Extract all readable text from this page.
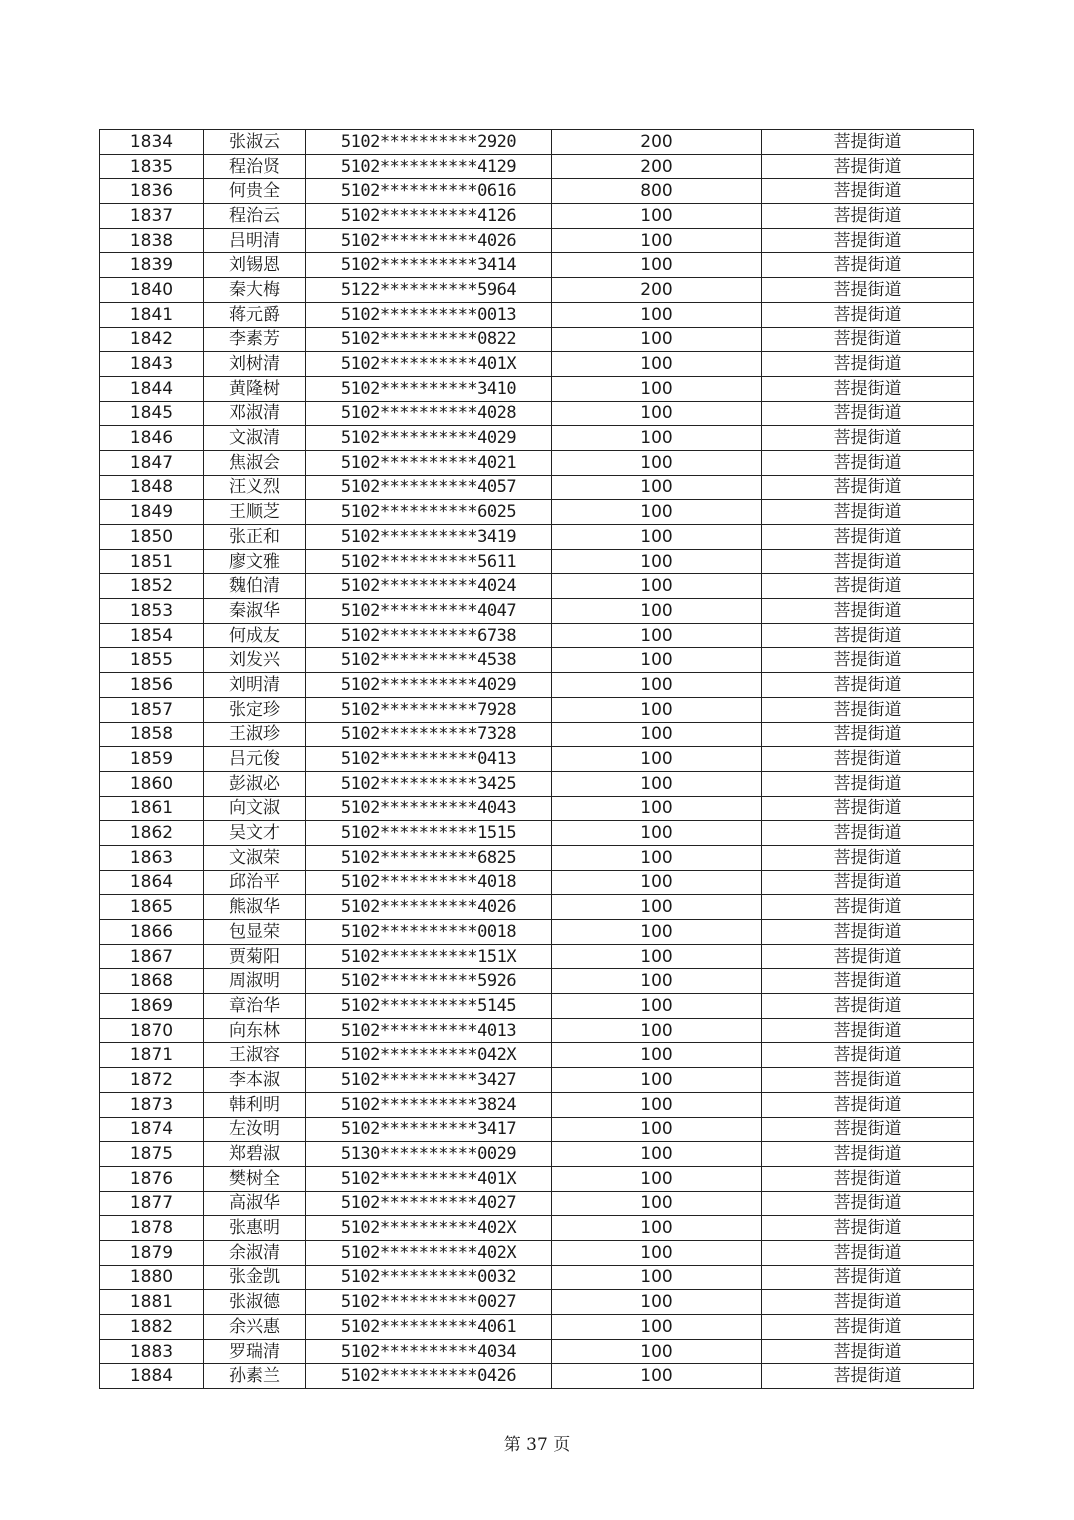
1834	张淑云	5102**********2920	200	菩提街道
1835	程治贤	5102**********4129	200	菩提街道
1836	何贵全	5102**********0616	800	菩提街道
1837	程治云	5102**********4126	100	菩提街道
1838	吕明清	5102**********4026	100	菩提街道
1839	刘锡恩	5102**********3414	100	菩提街道
1840	秦大梅	5122**********5964	200	菩提街道
1841	蒋元爵	5102**********0013	100	菩提街道
1842	李素芳	5102**********0822	100	菩提街道
1843	刘树清	5102**********401X	100	菩提街道
1844	黄隆树	5102**********3410	100	菩提街道
1845	邓淑清	5102**********4028	100	菩提街道
1846	文淑清	5102**********4029	100	菩提街道
1847	焦淑会	5102**********4021	100	菩提街道
1848	汪义烈	5102**********4057	100	菩提街道
1849	王顺芝	5102**********6025	100	菩提街道
1850	张正和	5102**********3419	100	菩提街道
1851	廖文雅	5102**********5611	100	菩提街道
1852	魏伯清	5102**********4024	100	菩提街道
1853	秦淑华	5102**********4047	100	菩提街道
1854	何成友	5102**********6738	100	菩提街道
1855	刘发兴	5102**********4538	100	菩提街道
1856	刘明清	5102**********4029	100	菩提街道
1857	张定珍	5102**********7928	100	菩提街道
1858	王淑珍	5102**********7328	100	菩提街道
1859	吕元俊	5102**********0413	100	菩提街道
1860	彭淑必	5102**********3425	100	菩提街道
1861	向文淑	5102**********4043	100	菩提街道
1862	吴文才	5102**********1515	100	菩提街道
1863	文淑荣	5102**********6825	100	菩提街道
1864	邱治平	5102**********4018	100	菩提街道
1865	熊淑华	5102**********4026	100	菩提街道
1866	包显荣	5102**********0018	100	菩提街道
1867	贾菊阳	5102**********151X	100	菩提街道
1868	周淑明	5102**********5926	100	菩提街道
1869	章治华	5102**********5145	100	菩提街道
1870	向东林	5102**********4013	100	菩提街道
1871	王淑容	5102**********042X	100	菩提街道
1872	李本淑	5102**********3427	100	菩提街道
1873	韩利明	5102**********3824	100	菩提街道
1874	左汝明	5102**********3417	100	菩提街道
1875	郑碧淑	5130**********0029	100	菩提街道
1876	樊树全	5102**********401X	100	菩提街道
1877	高淑华	5102**********4027	100	菩提街道
1878	张惠明	5102**********402X	100	菩提街道
1879	余淑清	5102**********402X	100	菩提街道
1880	张金凯	5102**********0032	100	菩提街道
1881	张淑德	5102**********0027	100	菩提街道
1882	余兴惠	5102**********4061	100	菩提街道
1883	罗瑞清	5102**********4034	100	菩提街道
1884	孙素兰	5102**********0426	100	菩提街道
第 37 页
